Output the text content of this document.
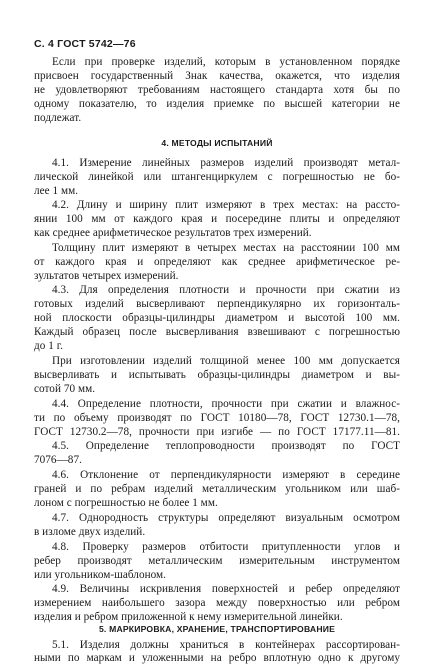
С. 4 ГОСТ 5742—76
Если при проверке изделий, которым в установленном порядке
присвоен государственный Знак качества, окажется, что изделия
не удовлетворяют требованиям настоящего стандарта хотя бы по
одному показателю, то изделия приемке по высшей категории не
подлежат.
4. МЕТОДЫ ИСПЫТАНИЙ
4.1. Измерение линейных размеров изделий производят метал-
лической линейкой или штангенциркулем с погрешностью не бо-
лее 1 мм.
4.2. Длину и ширину плит измеряют в трех местах: на рассто-
янии 100 мм от каждого края и посередине плиты и определяют
как среднее арифметическое результатов трех измерений.
Толщину плит измеряют в четырех местах на расстоянии 100 мм
от каждого края и определяют как среднее арифметическое ре-
зультатов четырех измерений.
4.3. Для определения плотности и прочности при сжатии из
готовых изделий высверливают перпендикулярно их горизонталь-
ной плоскости образцы-цилиндры диаметром и высотой 100 мм.
Каждый образец после высверливания взвешивают с погрешностью
до 1 г.
При изготовлении изделий толщиной менее 100 мм допускается
высверливать и испытывать образцы-цилиндры диаметром и вы-
сотой 70 мм.
4.4. Определение плотности, прочности при сжатии и влажнос-
ти по объему производят по ГОСТ 10180—78, ГОСТ 12730.1—78,
ГОСТ 12730.2—78, прочности при изгибе — по ГОСТ 17177.11—81.
4.5. Определение теплопроводности производят по ГОСТ
7076—87.
4.6. Отклонение от перпендикулярности измеряют в середине
граней и по ребрам изделий металлическим угольником или шаб-
лоном с погрешностью не более 1 мм.
4.7. Однородность структуры определяют визуальным осмотром
в изломе двух изделий.
4.8. Проверку размеров отбитости притупленности углов и
ребер производят металлическим измерительным инструментом
или угольником-шаблоном.
4.9. Величины искривления поверхностей и ребер определяют
измерением наибольшего зазора между поверхностью или ребром
изделия и ребром приложенной к нему измерительной линейки.
5. МАРКИРОВКА, ХРАНЕНИЕ, ТРАНСПОРТИРОВАНИЕ
5.1. Изделия должны храниться в контейнерах рассортирован-
ными по маркам и уложенными на ребро вплотную одно к другому
